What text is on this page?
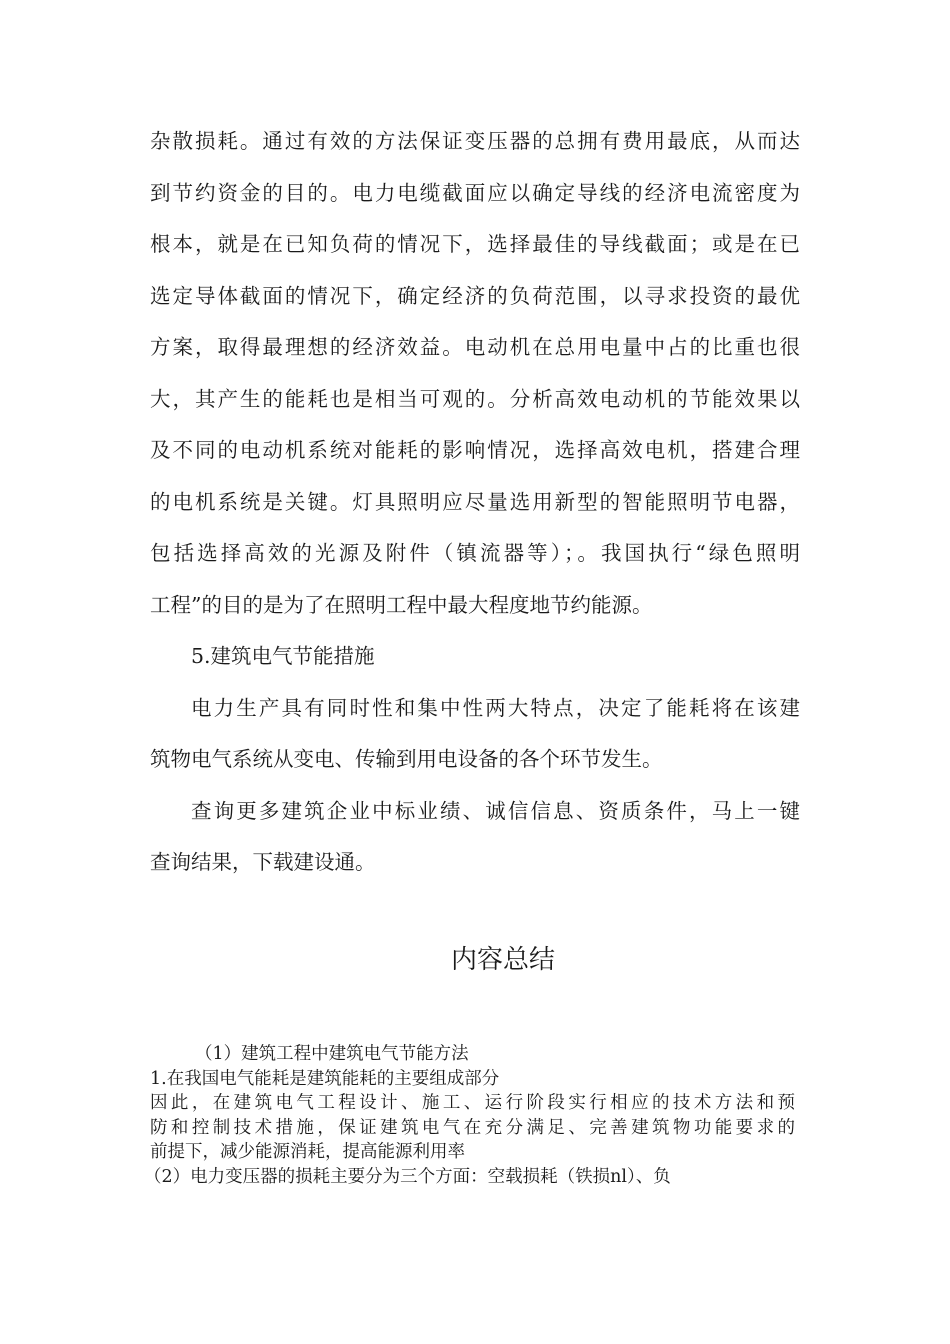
杂散损耗。通过有效的方法保证变压器的总拥有费用最底，从而达
到节约资金的目的。电力电缆截面应以确定导线的经济电流密度为
根本，就是在已知负荷的情况下，选择最佳的导线截面；或是在已
选定导体截面的情况下，确定经济的负荷范围，以寻求投资的最优
方案，取得最理想的经济效益。电动机在总用电量中占的比重也很
大，其产生的能耗也是相当可观的。分析高效电动机的节能效果以
及不同的电动机系统对能耗的影响情况，选择高效电机，搭建合理
的电机系统是关键。灯具照明应尽量选用新型的智能照明节电器，
包括选择高效的光源及附件（镇流器等）；。我国执行“绿色照明
工程”的目的是为了在照明工程中最大程度地节约能源。
5.建筑电气节能措施
电力生产具有同时性和集中性两大特点，决定了能耗将在该建
筑物电气系统从变电、传输到用电设备的各个环节发生。
查询更多建筑企业中标业绩、诚信信息、资质条件，马上一键
查询结果，下载建设通。
内容总结
（1）建筑工程中建筑电气节能方法
1.在我国电气能耗是建筑能耗的主要组成部分
因此，在建筑电气工程设计、施工、运行阶段实行相应的技术方法和预
防和控制技术措施，保证建筑电气在充分满足、完善建筑物功能要求的
前提下，减少能源消耗，提高能源利用率
（2）电力变压器的损耗主要分为三个方面：空载损耗（铁损nl）、负
